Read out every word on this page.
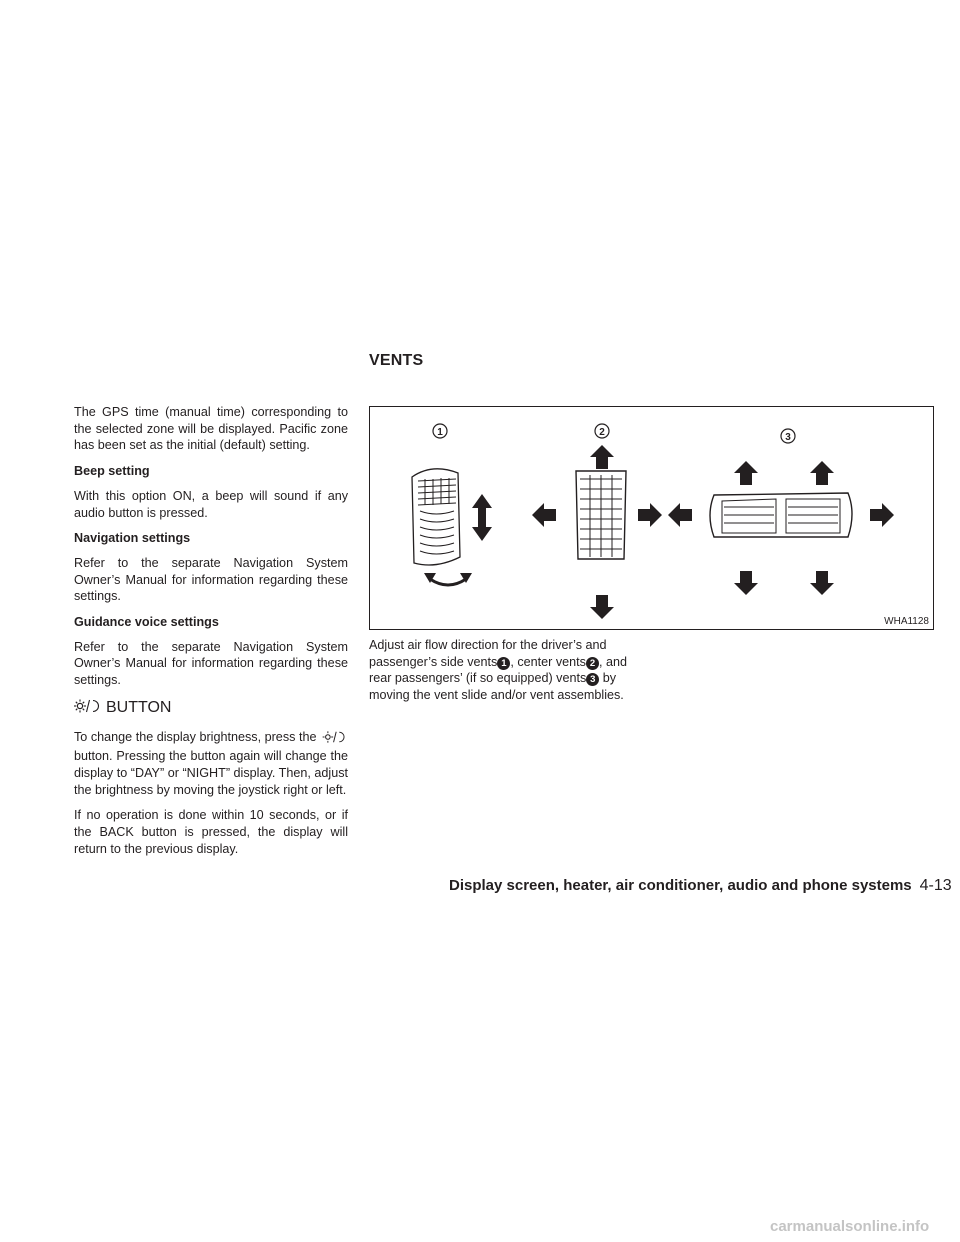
VENTS

The GPS time (manual time) corresponding to the selected zone will be displayed. Pacific zone has been set as the initial (default) setting.

Beep setting

With this option ON, a beep will sound if any audio button is pressed.

Navigation settings

Refer to the separate Navigation System Owner’s Manual for information regarding these settings.

Guidance voice settings

Refer to the separate Navigation System Owner’s Manual for information regarding these settings.

BUTTON

To change the display brightness, press the  button. Pressing the button again will change the display to “DAY” or “NIGHT” display. Then, adjust the brightness by moving the joystick right or left.

If no operation is done within 10 seconds, or if the BACK button is pressed, the display will return to the previous display.

1	2	3
WHA1128
Adjust air flow direction for the driver’s and passenger’s side vents 1 , center vents 2 , and rear passengers’ (if so equipped) vents 3 by moving the vent slide and/or vent assemblies.
Display screen, heater, air conditioner, audio and phone systems 4-13
carmanualsonline.info
